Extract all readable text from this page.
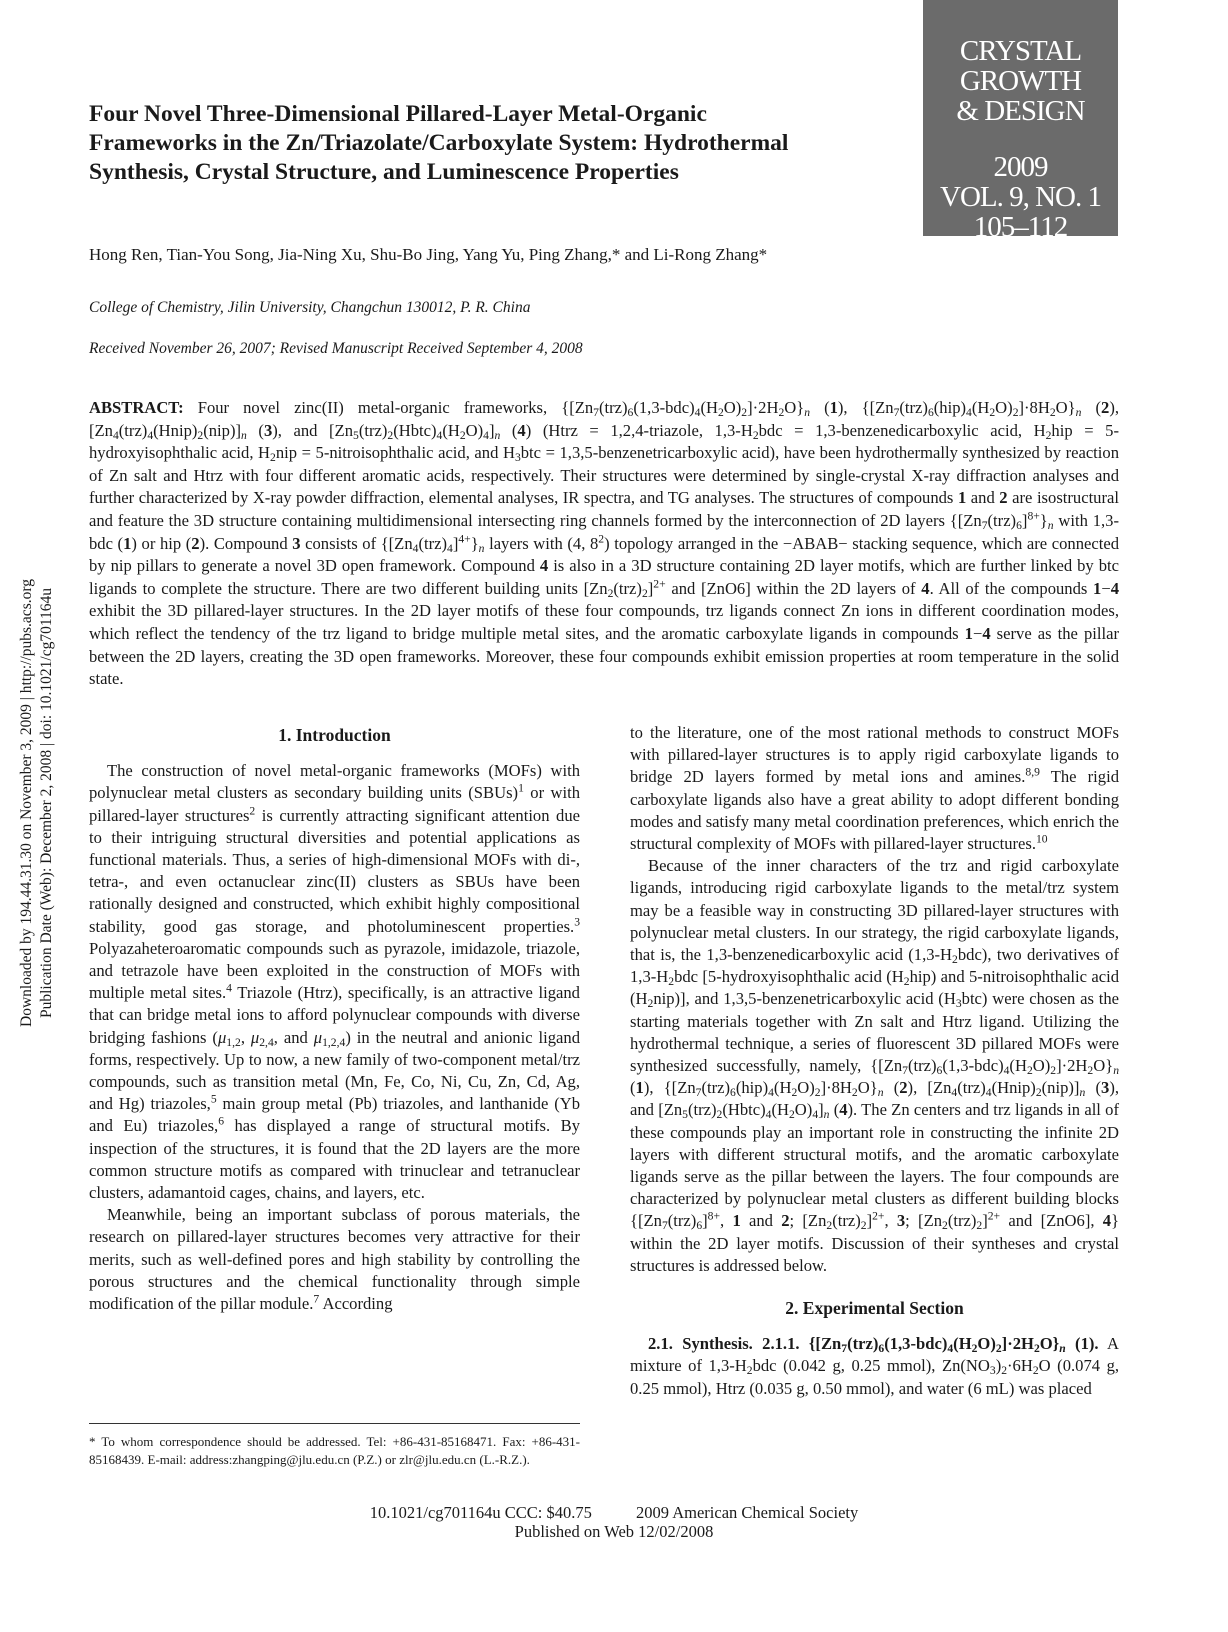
CRYSTAL
GROWTH
& DESIGN
2009
VOL. 9, NO. 1
105–112
Four Novel Three-Dimensional Pillared-Layer Metal-Organic Frameworks in the Zn/Triazolate/Carboxylate System: Hydrothermal Synthesis, Crystal Structure, and Luminescence Properties
Hong Ren, Tian-You Song, Jia-Ning Xu, Shu-Bo Jing, Yang Yu, Ping Zhang,* and Li-Rong Zhang*
College of Chemistry, Jilin University, Changchun 130012, P. R. China
Received November 26, 2007; Revised Manuscript Received September 4, 2008
ABSTRACT: Four novel zinc(II) metal-organic frameworks, $\{[Zn_7(trz)_6(1,3-bdc)_4(H_2O)_2]\cdot 2H_2O\}_n$ (1), $\{[Zn_7(trz)_6(hip)_4(H_2O)_2]\cdot 8H_2O\}_n$ (2), $[Zn_4(trz)_4(Hnip)_2(nip)]_n$ (3), and $[Zn_5(trz)_2(Hbtc)_4(H_2O)_4]_n$ (4) (Htrz = 1,2,4-triazole, $1,3-H_2bdc$ = 1,3-benzenedicarboxylic acid, $H_2hip$ = 5-hydroxyisophthalic acid, $H_2nip$ = 5-nitroisophthalic acid, and $H_3btc$ = 1,3,5-benzenetricarboxylic acid), have been hydrothermally synthesized by reaction of Zn salt and Htrz with four different aromatic acids, respectively. Their structures were determined by single-crystal X-ray diffraction analyses and further characterized by X-ray powder diffraction, elemental analyses, IR spectra, and TG analyses. The structures of compounds 1 and 2 are isostructural and feature the 3D structure containing multidimensional intersecting ring channels formed by the interconnection of 2D layers $\{[Zn_7(trz)_6]^{8+}\}_n$ with 1,3-bdc (1) or hip (2). Compound 3 consists of $\{[Zn_4(trz)_4]^{4+}\}_n$ layers with (4, $8^2$) topology arranged in the −ABAB− stacking sequence, which are connected by nip pillars to generate a novel 3D open framework. Compound 4 is also in a 3D structure containing 2D layer motifs, which are further linked by btc ligands to complete the structure. There are two different building units $[Zn_2(trz)_2]^{2+}$ and [ZnO6] within the 2D layers of 4. All of the compounds 1−4 exhibit the 3D pillared-layer structures. In the 2D layer motifs of these four compounds, trz ligands connect Zn ions in different coordination modes, which reflect the tendency of the trz ligand to bridge multiple metal sites, and the aromatic carboxylate ligands in compounds 1−4 serve as the pillar between the 2D layers, creating the 3D open frameworks. Moreover, these four compounds exhibit emission properties at room temperature in the solid state.
Downloaded by 194.44.31.30 on November 3, 2009 | http://pubs.acs.org Publication Date (Web): December 2, 2008 | doi: 10.1021/cg701164u	1. Introduction

The construction of novel metal-organic frameworks (MOFs) with polynuclear metal clusters as secondary building units (SBUs)$^1$ or with pillared-layer structures$^2$ is currently attracting significant attention due to their intriguing structural diversities and potential applications as functional materials. Thus, a series of high-dimensional MOFs with di-, tetra-, and even octanuclear zinc(II) clusters as SBUs have been rationally designed and constructed, which exhibit highly compositional stability, good gas storage, and photoluminescent properties.$^3$ Polyazaheteroaromatic compounds such as pyrazole, imidazole, triazole, and tetrazole have been exploited in the construction of MOFs with multiple metal sites.$^4$ Triazole (Htrz), specifically, is an attractive ligand that can bridge metal ions to afford polynuclear compounds with diverse bridging fashions ($\mu_{1,2}$, $\mu_{2,4}$, and $\mu_{1,2,4}$) in the neutral and anionic ligand forms, respectively. Up to now, a new family of two-component metal/trz compounds, such as transition metal (Mn, Fe, Co, Ni, Cu, Zn, Cd, Ag, and Hg) triazoles,$^5$ main group metal (Pb) triazoles, and lanthanide (Yb and Eu) triazoles,$^6$ has displayed a range of structural motifs. By inspection of the structures, it is found that the 2D layers are the more common structure motifs as compared with trinuclear and tetranuclear clusters, adamantoid cages, chains, and layers, etc.

Meanwhile, being an important subclass of porous materials, the research on pillared-layer structures becomes very attractive for their merits, such as well-defined pores and high stability by controlling the porous structures and the chemical functionality through simple modification of the pillar module.$^7$ According

to the literature, one of the most rational methods to construct MOFs with pillared-layer structures is to apply rigid carboxylate ligands to bridge 2D layers formed by metal ions and amines.$^{8,9}$ The rigid carboxylate ligands also have a great ability to adopt different bonding modes and satisfy many metal coordination preferences, which enrich the structural complexity of MOFs with pillared-layer structures.$^{10}$

Because of the inner characters of the trz and rigid carboxylate ligands, introducing rigid carboxylate ligands to the metal/trz system may be a feasible way in constructing 3D pillared-layer structures with polynuclear metal clusters. In our strategy, the rigid carboxylate ligands, that is, the 1,3-benzenedicarboxylic acid $(1,3-H_2bdc)$, two derivatives of $1,3-H_2bdc$ [5-hydroxyisophthalic acid $(H_2hip)$ and 5-nitroisophthalic acid $(H_2nip)$], and 1,3,5-benzenetricarboxylic acid $(H_3btc)$ were chosen as the starting materials together with Zn salt and Htrz ligand. Utilizing the hydrothermal technique, a series of fluorescent 3D pillared MOFs were synthesized successfully, namely, $\{[Zn_7(trz)_6(1,3-bdc)_4(H_2O)_2]\cdot 2H_2O\}_n$ (1), $\{[Zn_7(trz)_6(hip)_4(H_2O)_2]\cdot 8H_2O\}_n$ (2), $[Zn_4(trz)_4(Hnip)_2(nip)]_n$ (3), and $[Zn_5(trz)_2(Hbtc)_4(H_2O)_4]_n$ (4). The Zn centers and trz ligands in all of these compounds play an important role in constructing the infinite 2D layers with different structural motifs, and the aromatic carboxylate ligands serve as the pillar between the layers. The four compounds are characterized by polynuclear metal clusters as different building blocks {$[Zn_7(trz)_6]^{8+}$, 1 and 2; $[Zn_2(trz)_2]^{2+}$, 3; $[Zn_2(trz)_2]^{2+}$ and [ZnO6], 4} within the 2D layer motifs. Discussion of their syntheses and crystal structures is addressed below.

2. Experimental Section

2.1. Synthesis. 2.1.1. $\{[Zn_7(trz)_6(1,3-bdc)_4(H_2O)_2]\cdot 2H_2O\}_n$ (1). A mixture of $1,3-H_2bdc$ (0.042 g, 0.25 mmol), $Zn(NO_3)_2\cdot 6H_2O$ (0.074 g, 0.25 mmol), Htrz (0.035 g, 0.50 mmol), and water (6 mL) was placed

* To whom correspondence should be addressed. Tel: +86-431-85168471. Fax: +86-431-85168439. E-mail: address:zhangping@jlu.edu.cn (P.Z.) or zlr@jlu.edu.cn (L.-R.Z.).
10.1021/cg701164u CCC: $40.75	2009 American Chemical Society
Published on Web 12/02/2008
